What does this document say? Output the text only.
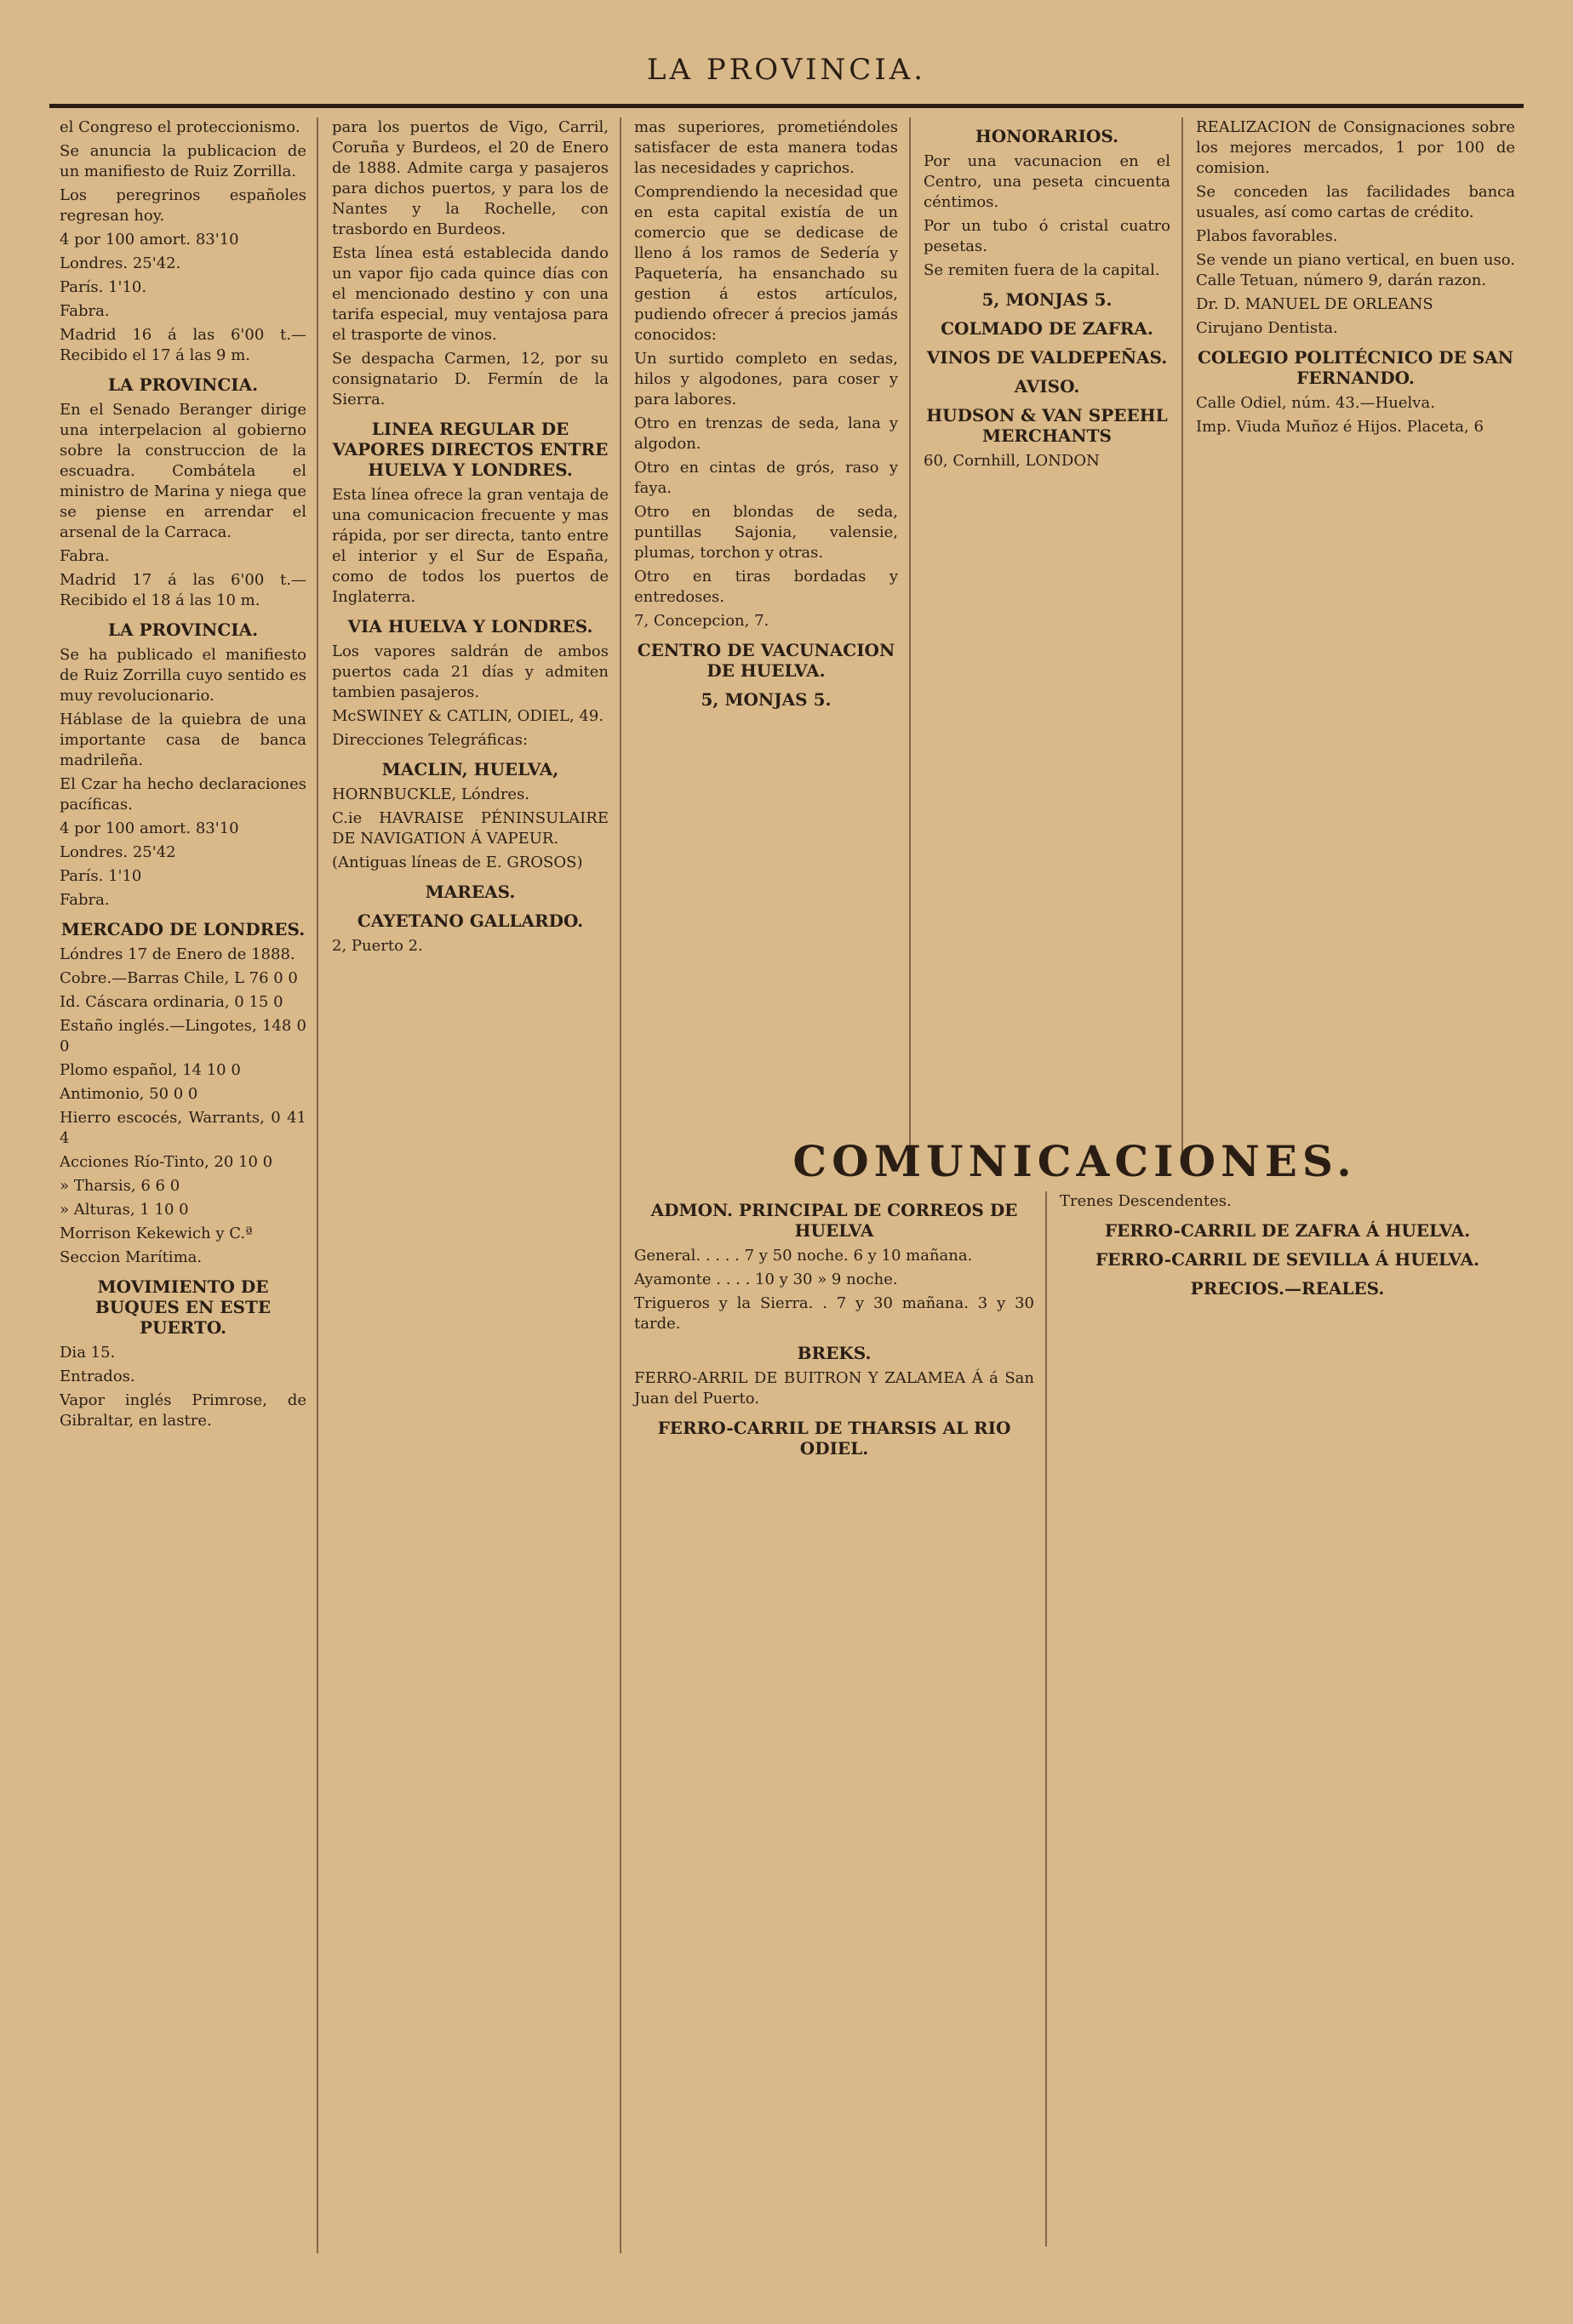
LA PROVINCIA.

el Congreso el proteccionismo.

Se anuncia la publicacion de un manifiesto de Ruiz Zorrilla.

Los peregrinos españoles regresan hoy.

4 por 100 amort. 83'10

Londres. 25'42.

París. 1'10.

Fabra.

Madrid 16 á las 6'00 t.—Recibido el 17 á las 9 m.

LA PROVINCIA.

En el Senado Beranger dirige una interpelacion al gobierno sobre la construccion de la escuadra. Combátela el ministro de Marina y niega que se piense en arrendar el arsenal de la Carraca.

Fabra.

Madrid 17 á las 6'00 t.—Recibido el 18 á las 10 m.

LA PROVINCIA.

Se ha publicado el manifiesto de Ruiz Zorrilla cuyo sentido es muy revolucionario.

Háblase de la quiebra de una importante casa de banca madrileña.

El Czar ha hecho declaraciones pacíficas.

4 por 100 amort. 83'10

Londres. 25'42

París. 1'10

Fabra.

MERCADO DE LONDRES.

Lóndres 17 de Enero de 1888.

Cobre.—Barras Chile, L 76 0 0

Id. Cáscara ordinaria, 0 15 0

Estaño inglés.—Lingotes, 148 0 0

Plomo español, 14 10 0

Antimonio, 50 0 0

Hierro escocés, Warrants, 0 41 4

Acciones Río-Tinto, 20 10 0

» Tharsis, 6 6 0

» Alturas, 1 10 0

Morrison Kekewich y C.ª

Seccion Marítima.

MOVIMIENTO DE BUQUES EN ESTE PUERTO.

Dia 15.

Entrados.

Vapor inglés Primrose, de Gibraltar, en lastre.

para los puertos de Vigo, Carril, Coruña y Burdeos, el 20 de Enero de 1888. Admite carga y pasajeros para dichos puertos, y para los de Nantes y la Rochelle, con trasbordo en Burdeos.

Esta línea está establecida dando un vapor fijo cada quince días con el mencionado destino y con una tarifa especial, muy ventajosa para el trasporte de vinos.

Se despacha Carmen, 12, por su consignatario D. Fermín de la Sierra.

LINEA REGULAR DE VAPORES DIRECTOS ENTRE HUELVA Y LONDRES.

Esta línea ofrece la gran ventaja de una comunicacion frecuente y mas rápida, por ser directa, tanto entre el interior y el Sur de España, como de todos los puertos de Inglaterra.

VIA HUELVA Y LONDRES.

Los vapores saldrán de ambos puertos cada 21 días y admiten tambien pasajeros.

McSWINEY & CATLIN, ODIEL, 49.

Direcciones Telegráficas:

MACLIN, HUELVA,

HORNBUCKLE, Lóndres.

C.ie HAVRAISE PÉNINSULAIRE DE NAVIGATION Á VAPEUR.

(Antiguas líneas de E. GROSOS)

MAREAS.
CAYETANO GALLARDO.

2, Puerto 2.

mas superiores, prometiéndoles satisfacer de esta manera todas las necesidades y caprichos.

Comprendiendo la necesidad que en esta capital existía de un comercio que se dedicase de lleno á los ramos de Sedería y Paquetería, ha ensanchado su gestion á estos artículos, pudiendo ofrecer á precios jamás conocidos:

Un surtido completo en sedas, hilos y algodones, para coser y para labores.

Otro en trenzas de seda, lana y algodon.

Otro en cintas de grós, raso y faya.

Otro en blondas de seda, puntillas Sajonia, valensie, plumas, torchon y otras.

Otro en tiras bordadas y entredoses.

7, Concepcion, 7.

CENTRO DE VACUNACION DE HUELVA.
5, MONJAS 5.
HONORARIOS.

Por una vacunacion en el Centro, una peseta cincuenta céntimos.

Por un tubo ó cristal cuatro pesetas.

Se remiten fuera de la capital.

5, MONJAS 5.
COLMADO DE ZAFRA.
VINOS DE VALDEPEÑAS.
AVISO.
HUDSON & VAN SPEEHL MERCHANTS

60, Cornhill, LONDON

REALIZACION de Consignaciones sobre los mejores mercados, 1 por 100 de comision.

Se conceden las facilidades banca usuales, así como cartas de crédito.

Plabos favorables.

Se vende un piano vertical, en buen uso. Calle Tetuan, número 9, darán razon.

Dr. D. MANUEL DE ORLEANS

Cirujano Dentista.

COLEGIO POLITÉCNICO DE SAN FERNANDO.

Calle Odiel, núm. 43.—Huelva.

Imp. Viuda Muñoz é Hijos. Placeta, 6

COMUNICACIONES.
ADMON. PRINCIPAL DE CORREOS DE HUELVA

General. . . . . 7 y 50 noche. 6 y 10 mañana.

Ayamonte . . . . 10 y 30 » 9 noche.

Trigueros y la Sierra. . 7 y 30 mañana. 3 y 30 tarde.

BREKS.

FERRO-ARRIL DE BUITRON Y ZALAMEA Á á San Juan del Puerto.

FERRO-CARRIL DE THARSIS AL RIO ODIEL.

Trenes Descendentes.

FERRO-CARRIL DE ZAFRA Á HUELVA.
FERRO-CARRIL DE SEVILLA Á HUELVA.
PRECIOS.—REALES.
